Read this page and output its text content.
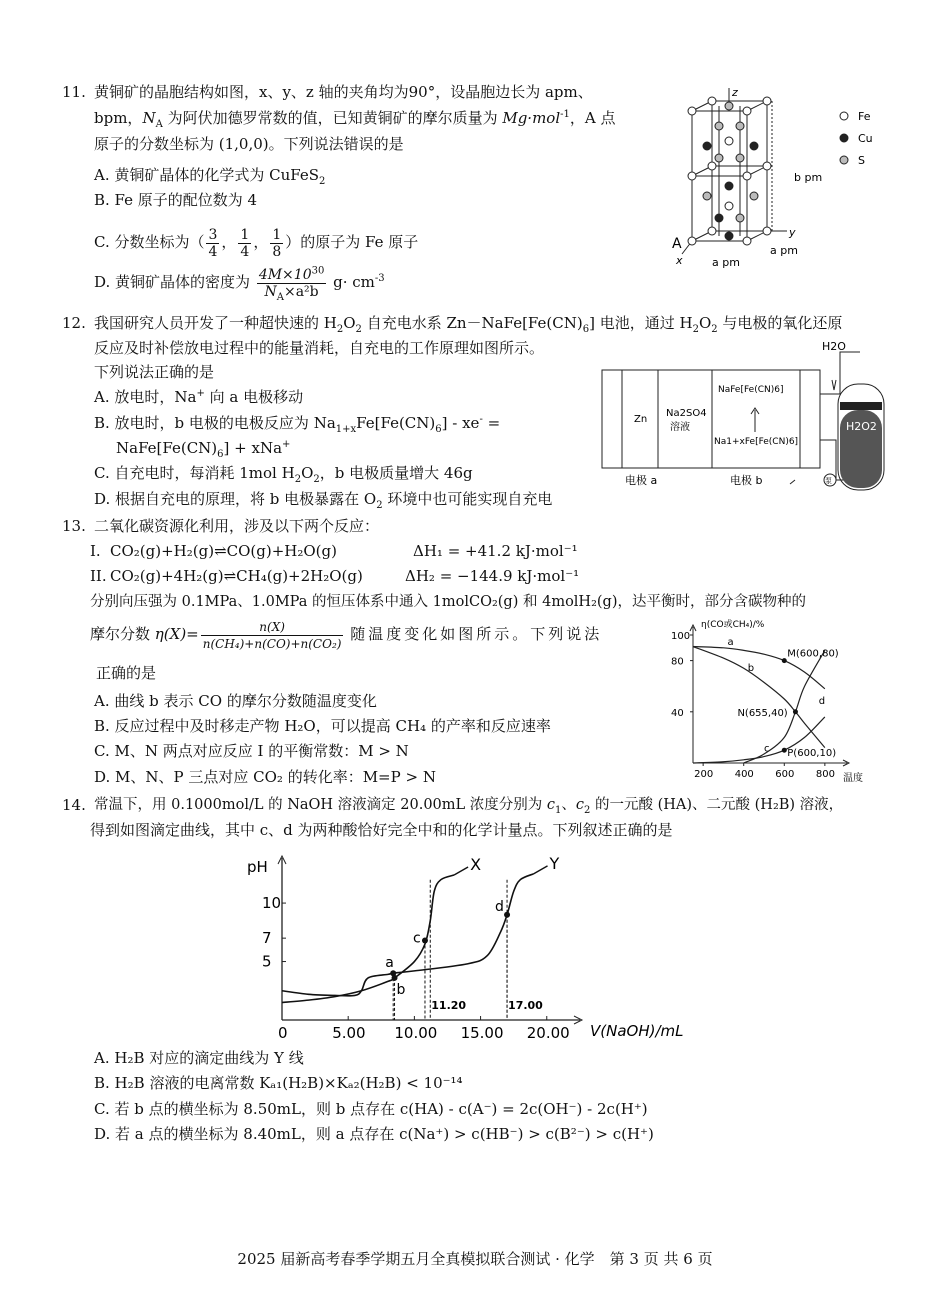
11. 黄铜矿的晶胞结构如图，x、y、z 轴的夹角均为90°，设晶胞边长为 apm、
bpm，$N_A$ 为阿伏加德罗常数的值，已知黄铜矿的摩尔质量为 Mg·mol$^{-1}$，A 点
原子的分数坐标为 (1,0,0)。下列说法错误的是
A. 黄铜矿晶体的化学式为 CuFeS$_2$
B. Fe 原子的配位数为 4
C. 分数坐标为（ $\frac{3}{4}$ ， $\frac{1}{4}$ ， $\frac{1}{8}$ ）的原子为 Fe 原子
D. 黄铜矿晶体的密度为 $\frac{4M\times 10^{30}}{N_A\times a^2b} g\cdot cm^{-3}$
z
y
x
A
b pm
a pm
a pm
Fe
Cu
S
12. 我国研究人员开发了一种超快速的 $H_2O_2$ 自充电水系 $Zn-NaFe[Fe(CN)_6]$ 电池，通过 $H_2O_2$ 与电极的氧化还原
反应及时补偿放电过程中的能量消耗，自充电的工作原理如图所示。
下列说法正确的是
A. 放电时，Na+ 向 a 电极移动
B. 放电时，b 电极的电极反应为 $Na_{1+x}Fe[Fe(CN)_6] - xe^-$ =
$NaFe[Fe(CN)_6] + xNa^+$
C. 自充电时，每消耗 1mol $H_2O_2$，b 电极质量增大 46g
D. 根据自充电的原理，将 b 电极暴露在 $O_2$ 环境中也可能实现自充电
H2O
Zn
Na2SO4
溶液
NaFe[Fe(CN)6]
Na1+xFe[Fe(CN)6]
H2O2
电极 a	电极 b	泵
13. 二氧化碳资源化利用，涉及以下两个反应：
I. CO₂(g)+H₂(g)⇌CO(g)+H₂O(g)	ΔH₁ = +41.2 kJ·mol⁻¹
II. CO₂(g)+4H₂(g)⇌CH₄(g)+2H₂O(g)	ΔH₂ = −144.9 kJ·mol⁻¹
分别向压强为 0.1MPa、1.0MPa 的恒压体系中通入 1molCO₂(g) 和 4molH₂(g)，达平衡时，部分含碳物种的
摩尔分数 $\eta(X)= \frac{n(X)}{\text{n(CH₄)+n(CO)+n(CO₂)}}$ 随温度变化如图所示。下列说法
正确的是
A. 曲线 b 表示 CO 的摩尔分数随温度变化
B. 反应过程中及时移走产物 H₂O，可以提高 CH₄ 的产率和反应速率
C. M、N 两点对应反应 I 的平衡常数：M > N
D. M、N、P 三点对应 CO₂ 的转化率：M=P > N	200 400 600 800
40
80
100
a
b
c
d
M(600,80)
N(655,40)
P(600,10)
η(CO或CH₄)/%
温度
14. 常温下，用 0.1000mol/L 的 NaOH 溶液滴定 20.00mL 浓度分别为 $c_1$、$c_2$ 的一元酸 (HA)、二元酸 (H₂B) 溶液，
得到如图滴定曲线，其中 c、d 为两种酸恰好完全中和的化学计量点。下列叙述正确的是
0	5.00 10.00 15.00 20.00
5
7
10
11.20	17.00
X	Y
a
b
c
d
pH
V(NaOH)/mL
A. H₂B 对应的滴定曲线为 Y 线
B. H₂B 溶液的电离常数 Kₐ₁(H₂B)×Kₐ₂(H₂B) < 10⁻¹⁴
C. 若 b 点的横坐标为 8.50mL，则 b 点存在 c(HA) - c(A⁻) = 2c(OH⁻) - 2c(H⁺)
D. 若 a 点的横坐标为 8.40mL，则 a 点存在 c(Na⁺) > c(HB⁻) > c(B²⁻) > c(H⁺)
2025 届新高考春季学期五月全真模拟联合测试 · 化学　第 3 页 共 6 页
